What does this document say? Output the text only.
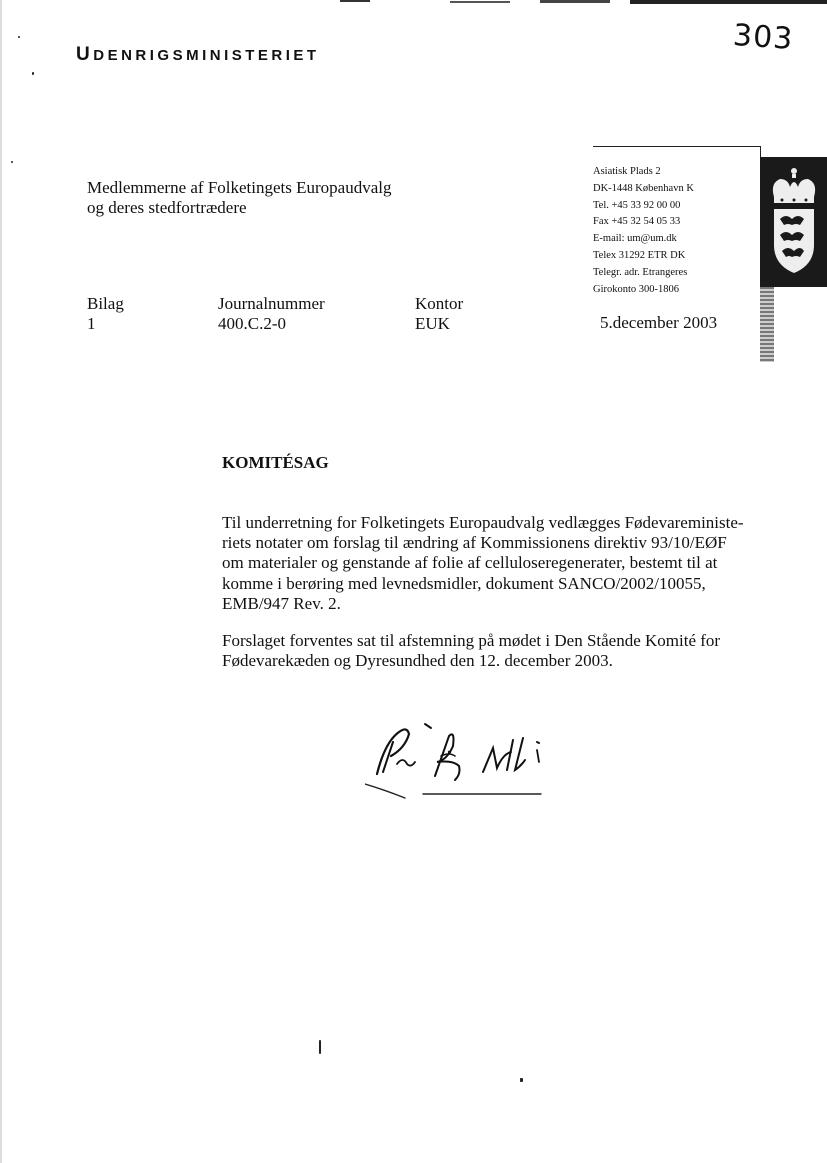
UDENRIGSMINISTERIET	303
Medlemmerne af Folketingets Europaudvalg
og deres stedfortrædere
Asiatisk Plads 2
DK-1448 København K
Tel. +45 33 92 00 00
Fax +45 32 54 05 33
E-mail: um@um.dk
Telex 31292 ETR DK
Telegr. adr. Etrangeres
Girokonto 300-1806
Bilag
1
Journalnummer
400.C.2-0
Kontor
EUK	5.december 2003
KOMITÉSAG
Til underretning for Folketingets Europaudvalg vedlægges Fødevareministe-
riets notater om forslag til ændring af Kommissionens direktiv 93/10/EØF
om materialer og genstande af folie af celluloseregenerater, bestemt til at
komme i berøring med levnedsmidler, dokument SANCO/2002/10055,
EMB/947 Rev. 2.
Forslaget forventes sat til afstemning på mødet i Den Stående Komité for
Fødevarekæden og Dyresundhed den 12. december 2003.
